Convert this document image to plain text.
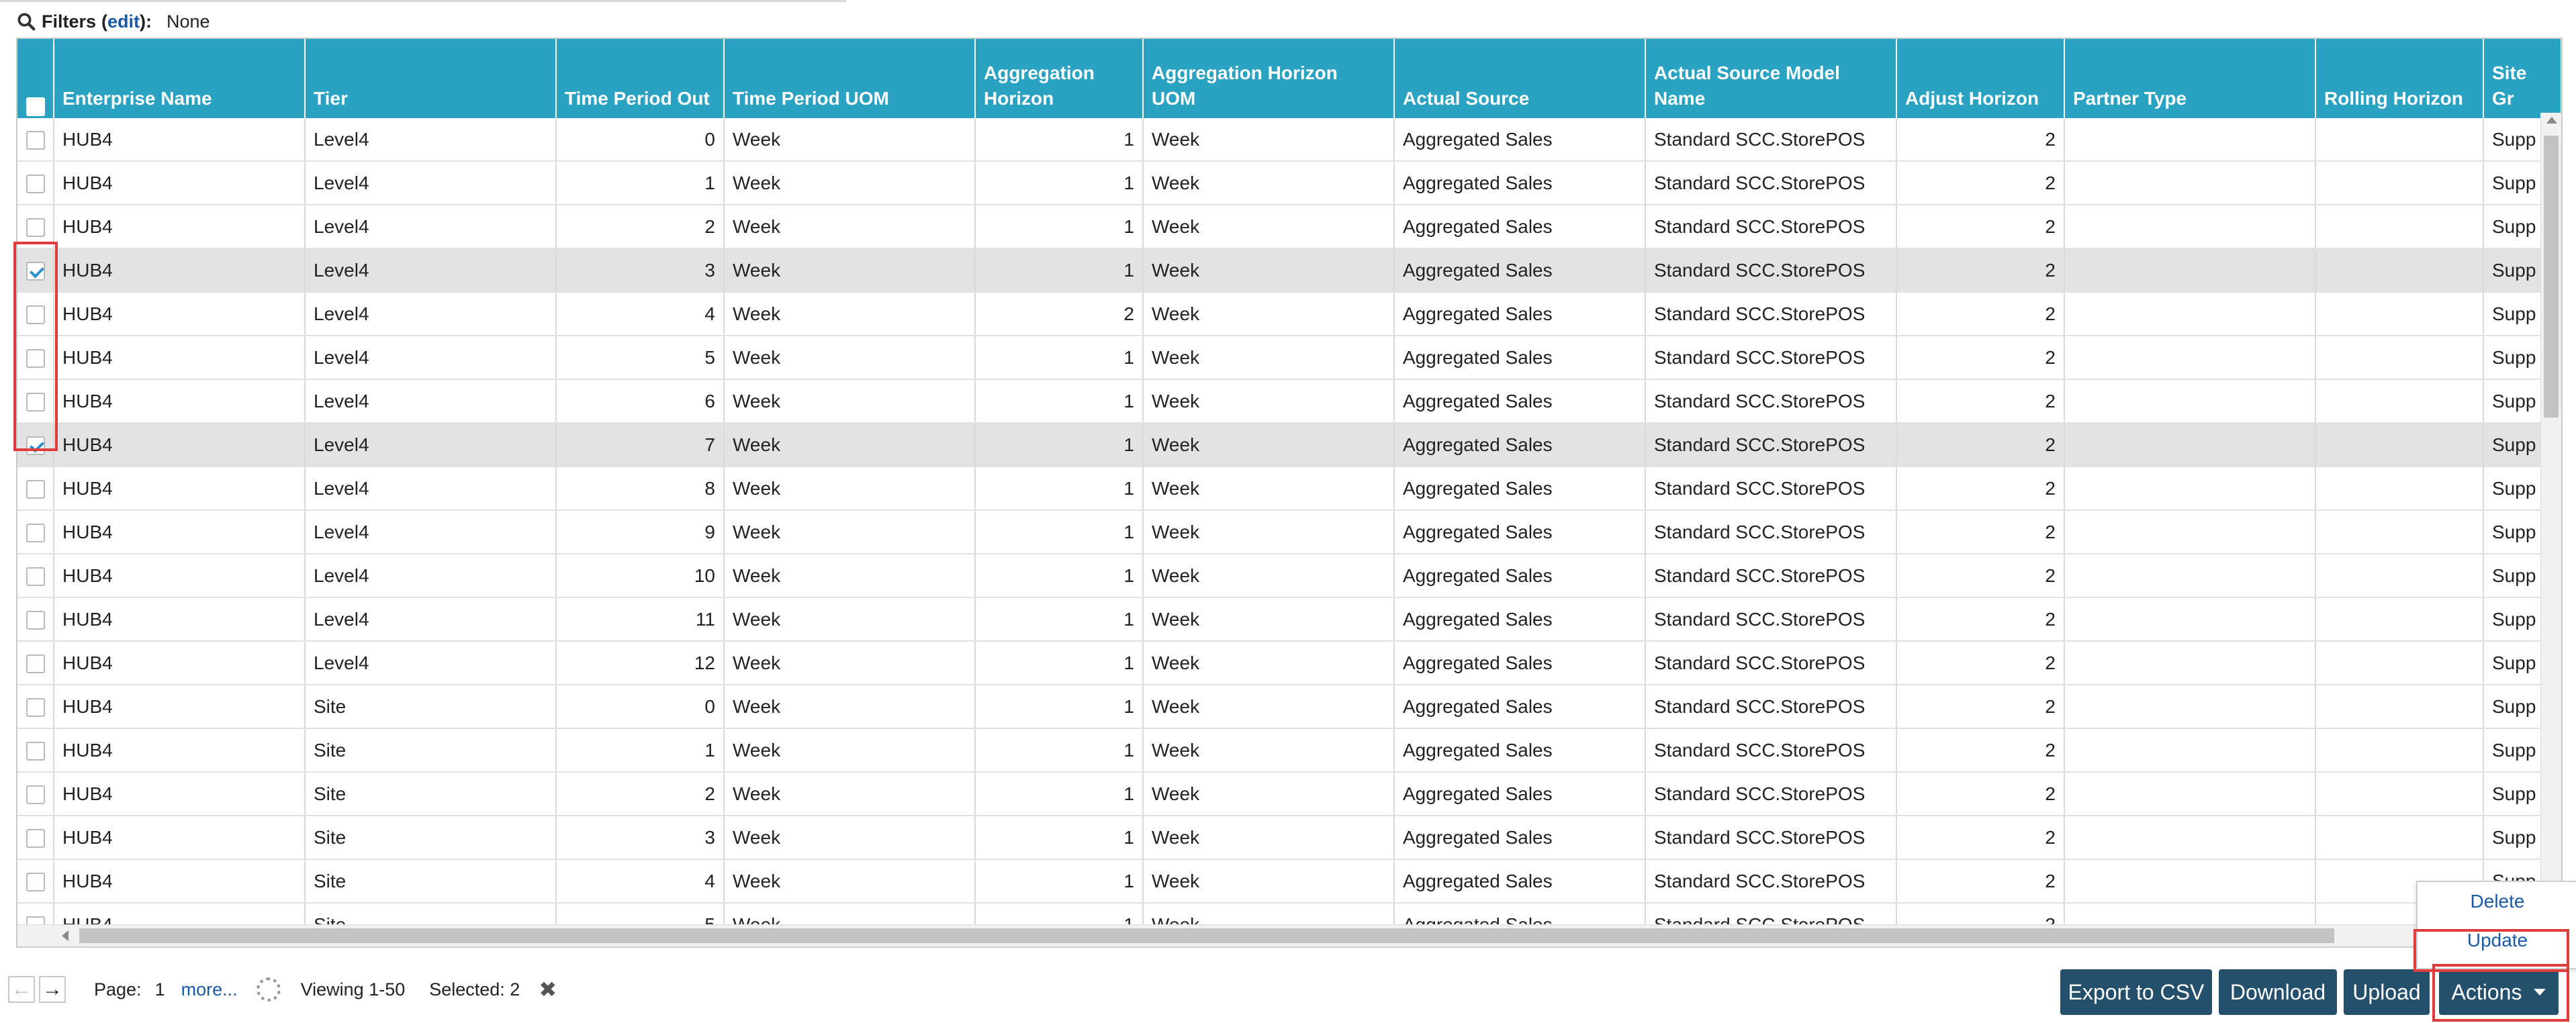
Filters ( edit ): None
	Enterprise Name	Tier	Time Period Out	Time Period UOM	Aggregation Horizon	Aggregation Horizon UOM	Actual Source	Actual Source Model Name	Adjust Horizon	Partner Type	Rolling Horizon	Site Gr	
	HUB4	Level4	0	Week	1	Week	Aggregated Sales	Standard SCC.StorePOS	2			Supp	
	HUB4	Level4	1	Week	1	Week	Aggregated Sales	Standard SCC.StorePOS	2			Supp	
	HUB4	Level4	2	Week	1	Week	Aggregated Sales	Standard SCC.StorePOS	2			Supp	
	HUB4	Level4	3	Week	1	Week	Aggregated Sales	Standard SCC.StorePOS	2			Supp	
	HUB4	Level4	4	Week	2	Week	Aggregated Sales	Standard SCC.StorePOS	2			Supp	
	HUB4	Level4	5	Week	1	Week	Aggregated Sales	Standard SCC.StorePOS	2			Supp	
	HUB4	Level4	6	Week	1	Week	Aggregated Sales	Standard SCC.StorePOS	2			Supp	
	HUB4	Level4	7	Week	1	Week	Aggregated Sales	Standard SCC.StorePOS	2			Supp	
	HUB4	Level4	8	Week	1	Week	Aggregated Sales	Standard SCC.StorePOS	2			Supp	
	HUB4	Level4	9	Week	1	Week	Aggregated Sales	Standard SCC.StorePOS	2			Supp	
	HUB4	Level4	10	Week	1	Week	Aggregated Sales	Standard SCC.StorePOS	2			Supp	
	HUB4	Level4	11	Week	1	Week	Aggregated Sales	Standard SCC.StorePOS	2			Supp	
	HUB4	Level4	12	Week	1	Week	Aggregated Sales	Standard SCC.StorePOS	2			Supp	
	HUB4	Site	0	Week	1	Week	Aggregated Sales	Standard SCC.StorePOS	2			Supp	
	HUB4	Site	1	Week	1	Week	Aggregated Sales	Standard SCC.StorePOS	2			Supp	
	HUB4	Site	2	Week	1	Week	Aggregated Sales	Standard SCC.StorePOS	2			Supp	
	HUB4	Site	3	Week	1	Week	Aggregated Sales	Standard SCC.StorePOS	2			Supp	
	HUB4	Site	4	Week	1	Week	Aggregated Sales	Standard SCC.StorePOS	2				

← → Page: 1 more...	Viewing 1-50 Selected: 2 ✖	Export to CSV	Download	Upload	Actions
Delete
Update
